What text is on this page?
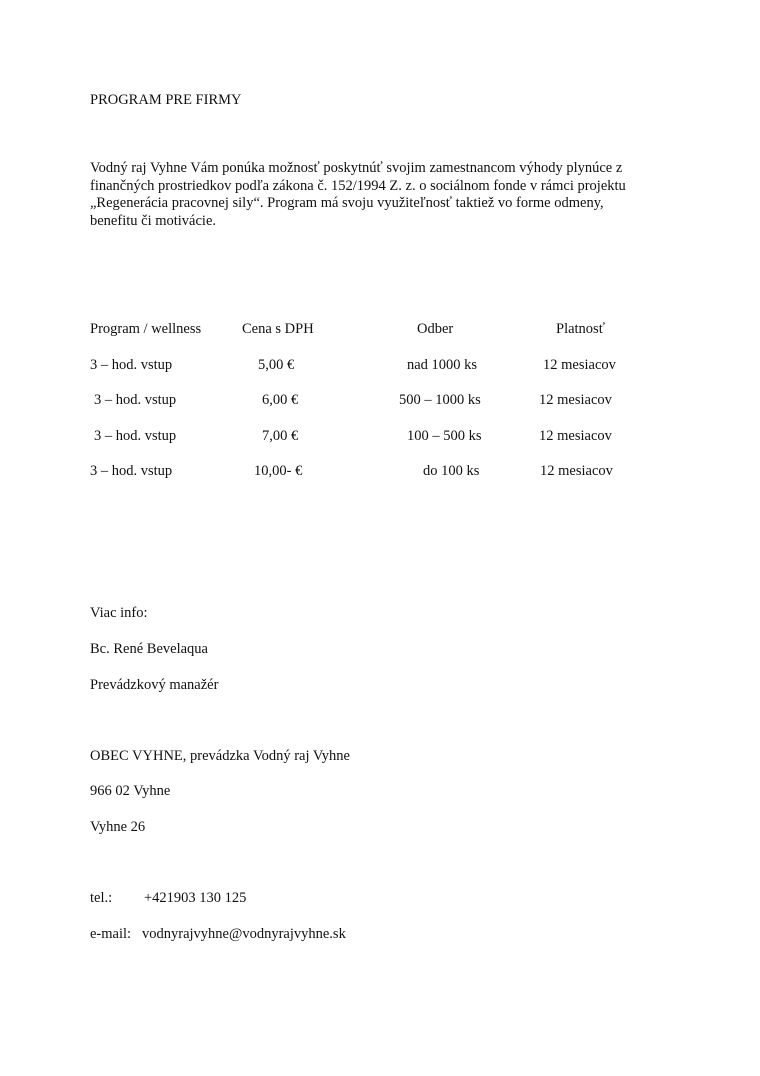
PROGRAM PRE FIRMY
Vodný raj Vyhne Vám ponúka možnosť poskytnúť svojim zamestnancom výhody plynúce z
finančných prostriedkov podľa zákona č. 152/1994 Z. z. o sociálnom fonde v rámci projektu
„Regenerácia pracovnej sily“. Program má svoju využiteľnosť taktiež vo forme odmeny,
benefitu či motivácie.
Program / wellness	Cena s DPH	Odber	Platnosť
3 – hod. vstup	5,00 €	nad 1000 ks	12 mesiacov
3 – hod. vstup	6,00 €	500 – 1000 ks	12 mesiacov
3 – hod. vstup	7,00 €	100 – 500 ks	12 mesiacov
3 – hod. vstup	10,00- €	do 100 ks	12 mesiacov
Viac info:
Bc. René Bevelaqua
Prevádzkový manažér
OBEC VYHNE, prevádzka Vodný raj Vyhne
966 02 Vyhne
Vyhne 26
tel.: +421903 130 125
e-mail: vodnyrajvyhne@vodnyrajvyhne.sk
